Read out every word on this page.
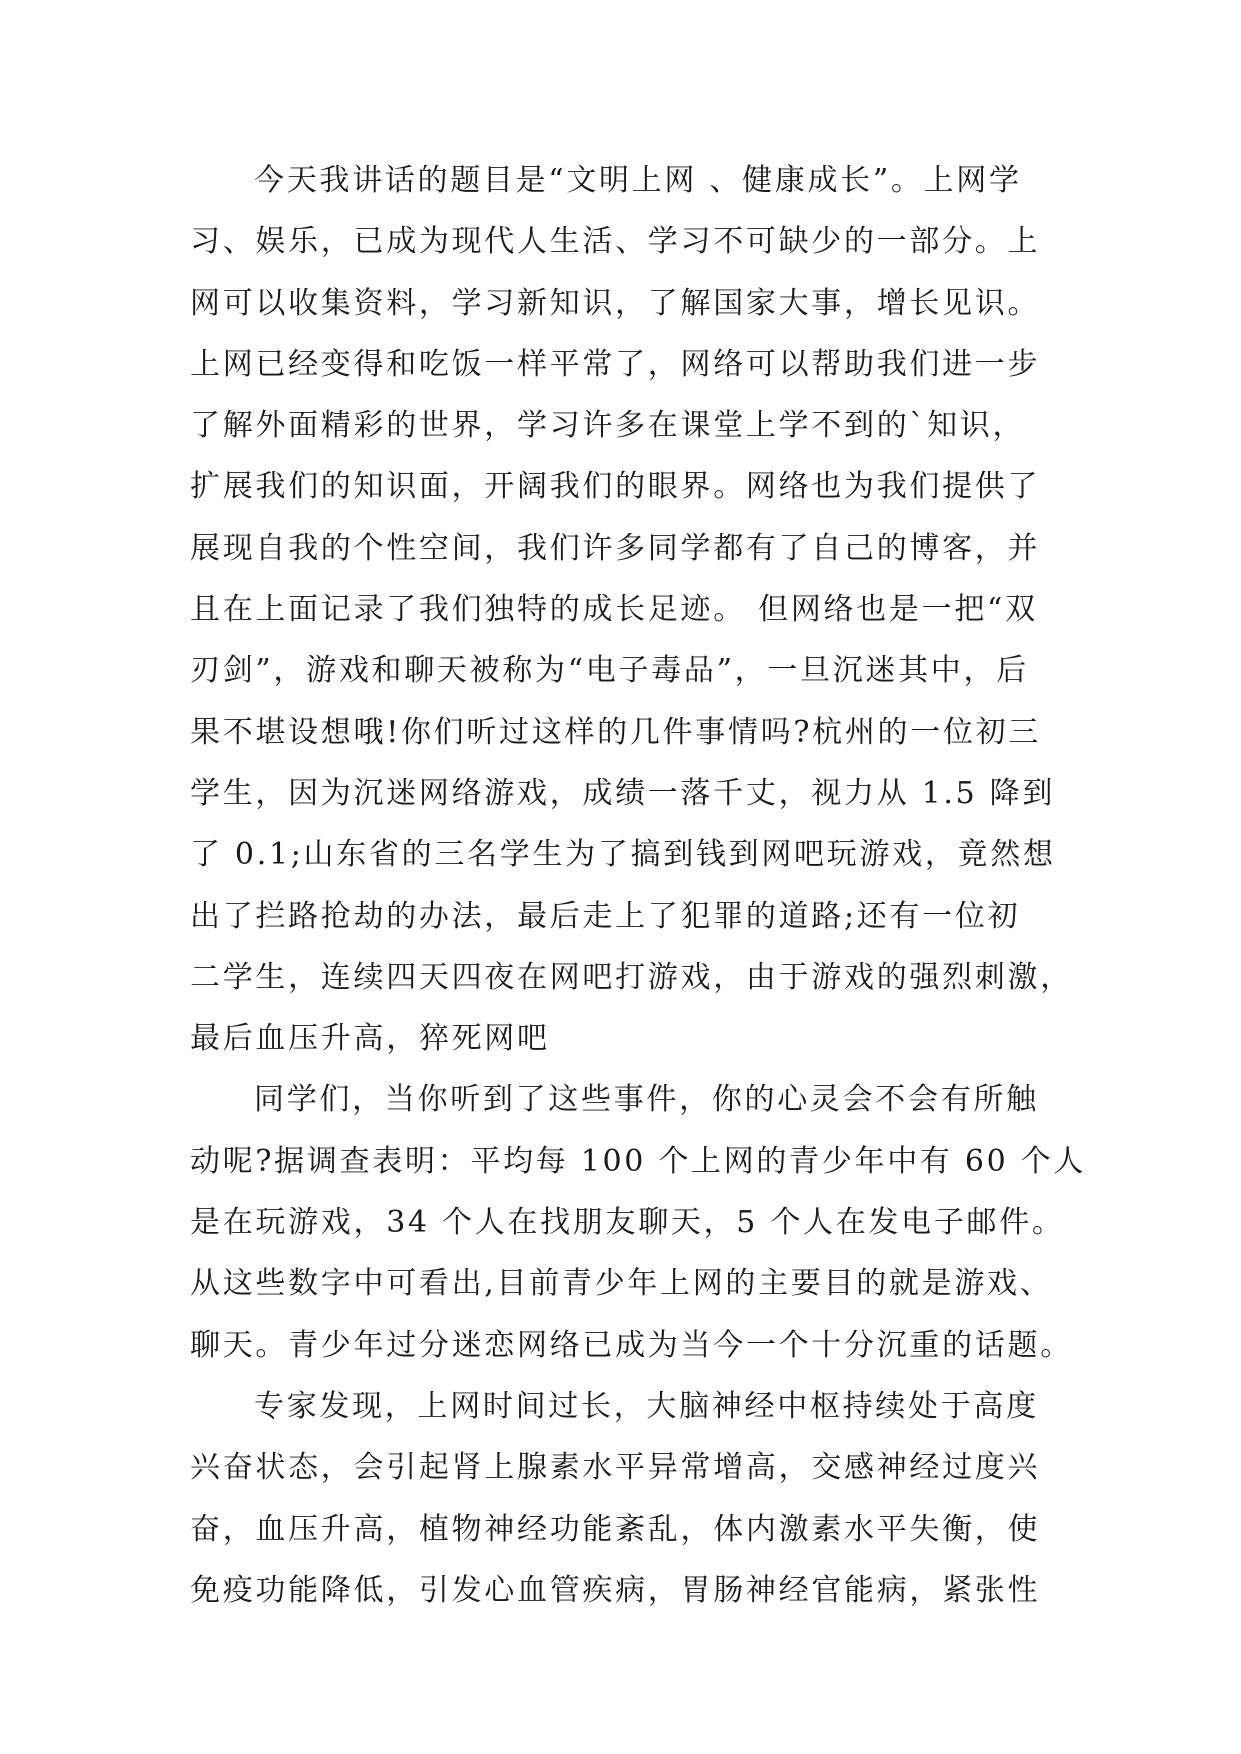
今天我讲话的题目是“文明上网 、健康成长”。上网学
习、娱乐，已成为现代人生活、学习不可缺少的一部分。上
网可以收集资料，学习新知识，了解国家大事，增长见识。
上网已经变得和吃饭一样平常了，网络可以帮助我们进一步
了解外面精彩的世界，学习许多在课堂上学不到的`知识，
扩展我们的知识面，开阔我们的眼界。网络也为我们提供了
展现自我的个性空间，我们许多同学都有了自己的博客，并
且在上面记录了我们独特的成长足迹。 但网络也是一把“双
刃剑”，游戏和聊天被称为“电子毒品”，一旦沉迷其中，后
果不堪设想哦!你们听过这样的几件事情吗?杭州的一位初三
学生，因为沉迷网络游戏，成绩一落千丈，视力从 1.5 降到
了 0.1;山东省的三名学生为了搞到钱到网吧玩游戏，竟然想
出了拦路抢劫的办法，最后走上了犯罪的道路;还有一位初
二学生，连续四天四夜在网吧打游戏，由于游戏的强烈刺激，
最后血压升高，猝死网吧
同学们，当你听到了这些事件，你的心灵会不会有所触
动呢?据调查表明：平均每 100 个上网的青少年中有 60 个人
是在玩游戏，34 个人在找朋友聊天，5 个人在发电子邮件。
从这些数字中可看出,目前青少年上网的主要目的就是游戏、
聊天。青少年过分迷恋网络已成为当今一个十分沉重的话题。
专家发现，上网时间过长，大脑神经中枢持续处于高度
兴奋状态，会引起肾上腺素水平异常增高，交感神经过度兴
奋，血压升高，植物神经功能紊乱，体内激素水平失衡，使
免疫功能降低，引发心血管疾病，胃肠神经官能病，紧张性
